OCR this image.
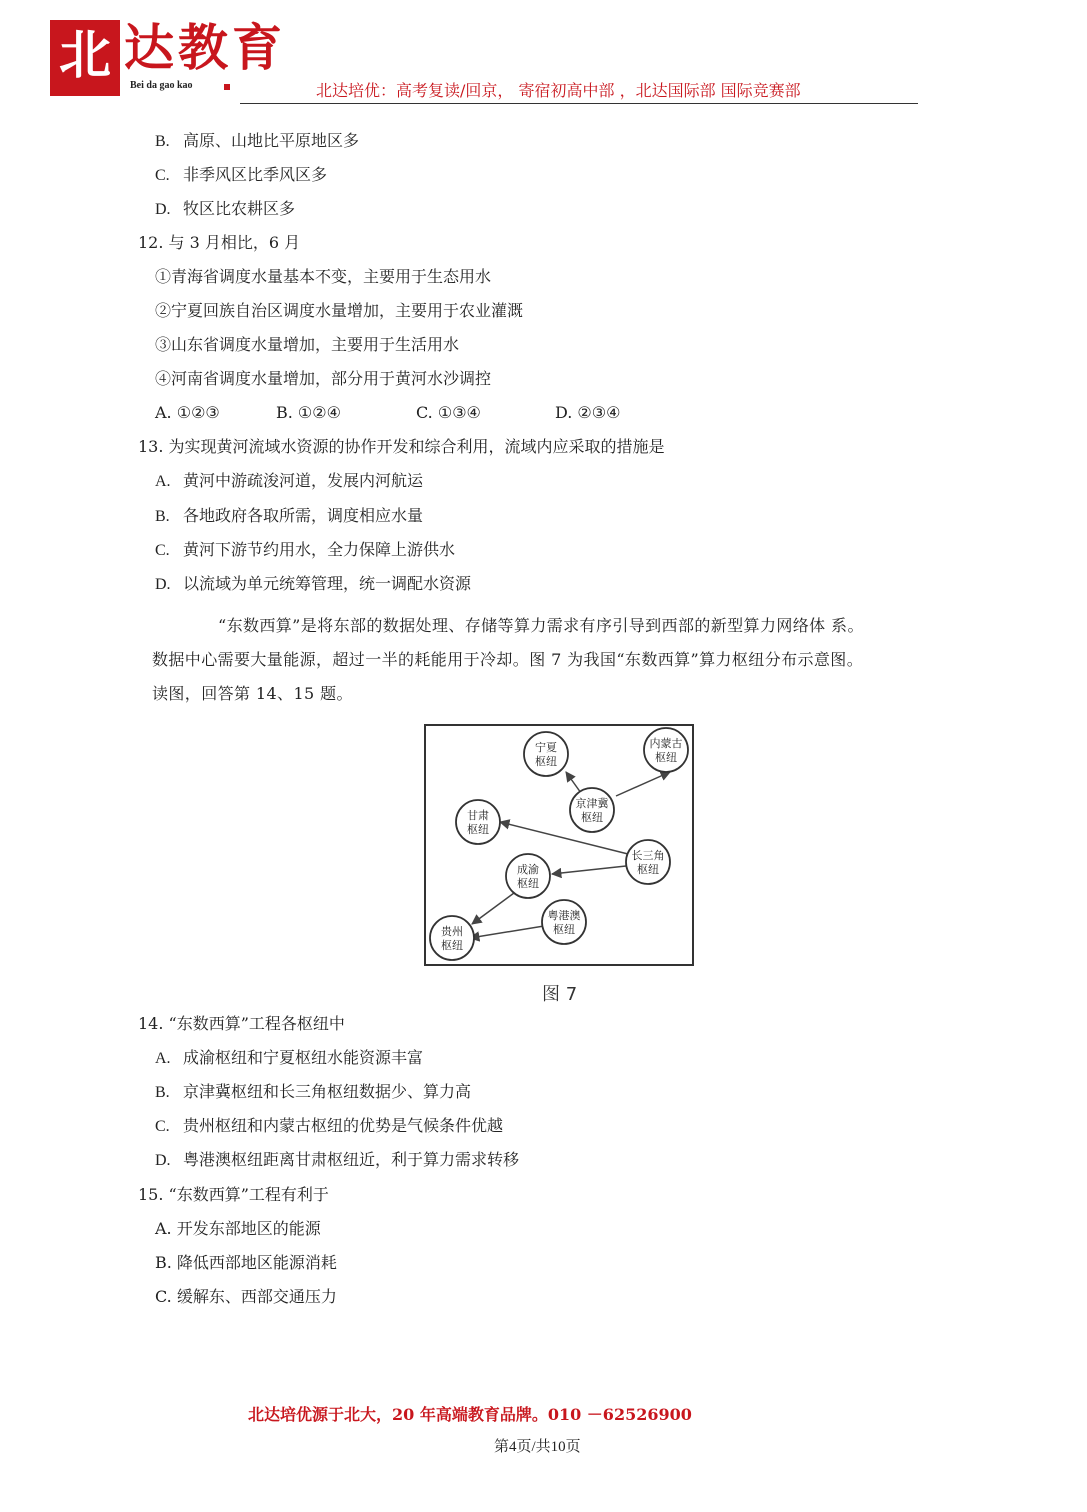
北 达教育
Bei da gao kao	北达培优：高考复读/回京， 寄宿初高中部 ，北达国际部 国际竞赛部
B. 高原、山地比平原地区多
C. 非季风区比季风区多
D. 牧区比农耕区多
12. 与 3 月相比，6 月
①青海省调度水量基本不变，主要用于生态用水
②宁夏回族自治区调度水量增加，主要用于农业灌溉
③山东省调度水量增加，主要用于生活用水
④河南省调度水量增加，部分用于黄河水沙调控
A. ①②③	B. ①②④	C. ①③④	D. ②③④
13. 为实现黄河流域水资源的协作开发和综合利用，流域内应采取的措施是
A. 黄河中游疏浚河道，发展内河航运
B. 各地政府各取所需，调度相应水量
C. 黄河下游节约用水，全力保障上游供水
D. 以流域为单元统筹管理，统一调配水资源
“东数西算”是将东部的数据处理、存储等算力需求有序引导到西部的新型算力网络体 系。
数据中心需要大量能源，超过一半的耗能用于冷却。图 7 为我国“东数西算”算力枢纽分布示意图。
读图，回答第 14、15 题。
宁夏
枢纽
内蒙古
枢纽
京津冀
枢纽
甘肃
枢纽
长三角
枢纽
成渝
枢纽
粤港澳
枢纽
贵州
枢纽
图 7
14. “东数西算”工程各枢纽中
A. 成渝枢纽和宁夏枢纽水能资源丰富
B. 京津冀枢纽和长三角枢纽数据少、算力高
C. 贵州枢纽和内蒙古枢纽的优势是气候条件优越
D. 粤港澳枢纽距离甘肃枢纽近，利于算力需求转移
15. “东数西算”工程有利于
A. 开发东部地区的能源
B. 降低西部地区能源消耗
C. 缓解东、西部交通压力
北达培优源于北大，20 年高端教育品牌。010 －62526900
第4页/共10页
